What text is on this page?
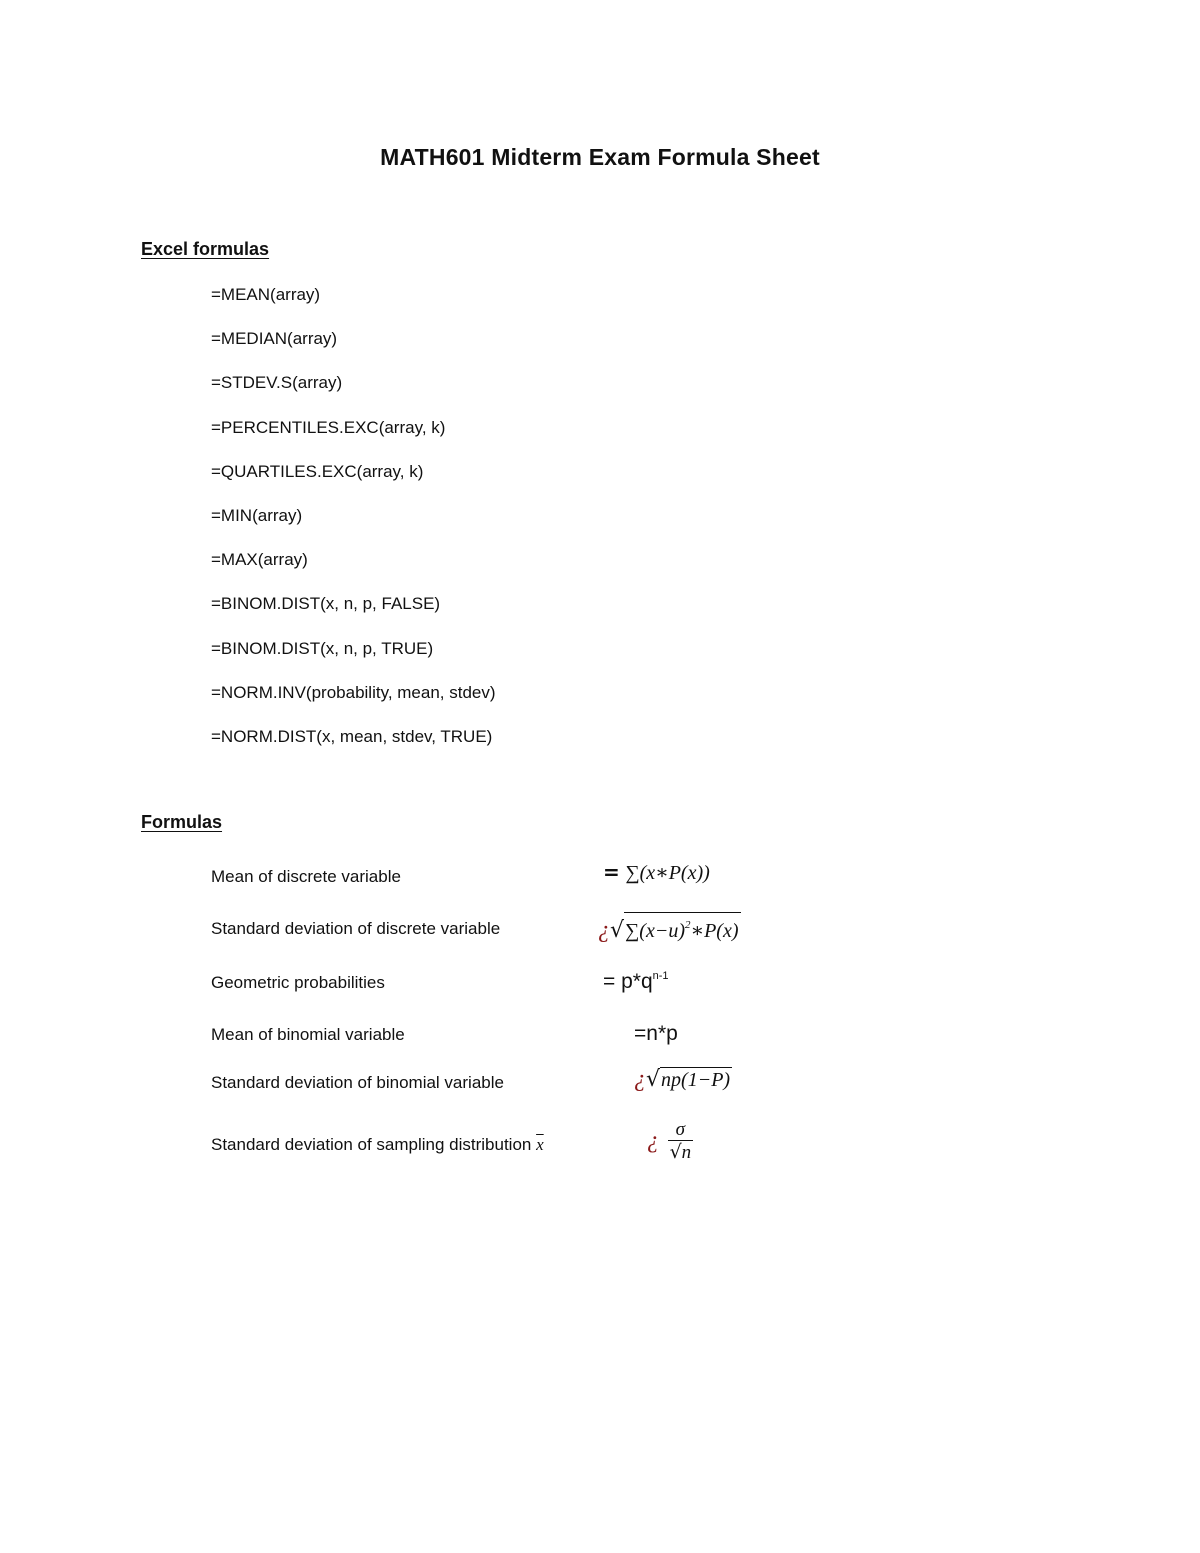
MATH601 Midterm Exam Formula Sheet
Excel formulas
=MEAN(array)
=MEDIAN(array)
=STDEV.S(array)
=PERCENTILES.EXC(array, k)
=QUARTILES.EXC(array, k)
=MIN(array)
=MAX(array)
=BINOM.DIST(x, n, p, FALSE)
=BINOM.DIST(x, n, p, TRUE)
=NORM.INV(probability, mean, stdev)
=NORM.DIST(x, mean, stdev, TRUE)
Formulas
Mean of discrete variable	= ∑(x∗P(x))
Standard deviation of discrete variable	¿$√\sum(x-u)^2∗P(x)$
Geometric probabilities	= $p*q^{n-1}$
Mean of binomial variable	=n*p
Standard deviation of binomial variable	¿√np(1−P)
Standard deviation of sampling distribution $\overline{x}$	¿ $\frac{\sigma}{√n}$
